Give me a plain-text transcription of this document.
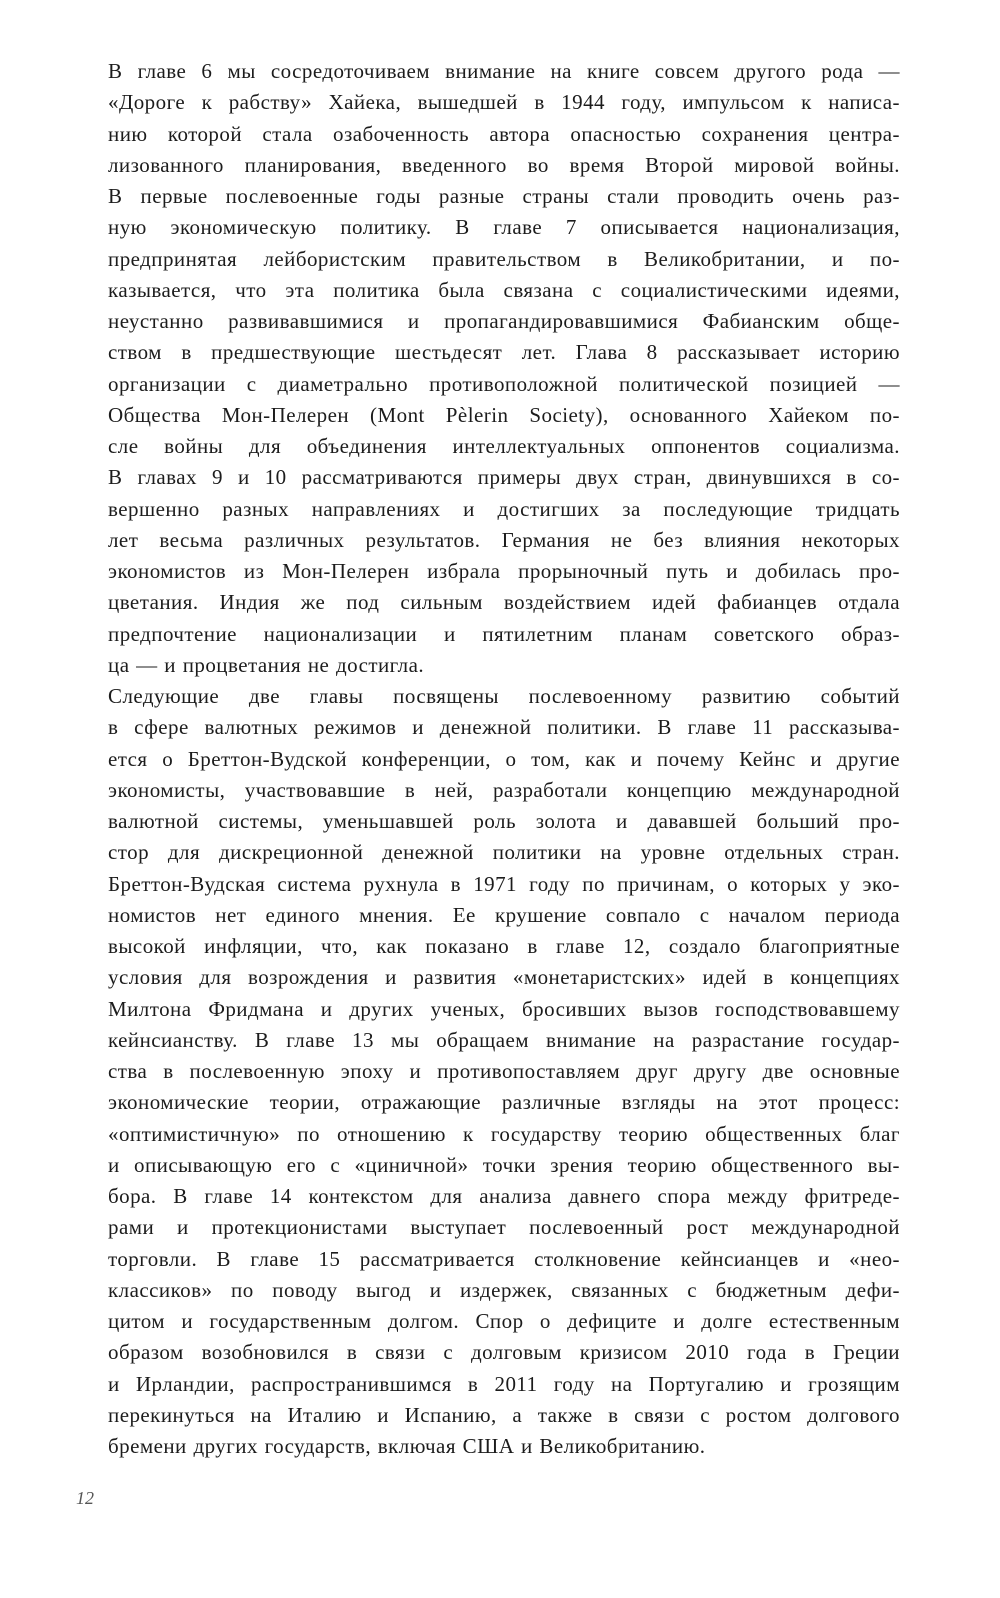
В главе 6 мы сосредоточиваем внимание на книге совсем другого рода —
«Дороге к рабству» Хайека, вышедшей в 1944 году, импульсом к написа-
нию которой стала озабоченность автора опасностью сохранения центра-
лизованного планирования, введенного во время Второй мировой войны.
В первые послевоенные годы разные страны стали проводить очень раз-
ную экономическую политику. В главе 7 описывается национализация,
предпринятая лейбористским правительством в Великобритании, и по-
казывается, что эта политика была связана с социалистическими идеями,
неустанно развивавшимися и пропагандировавшимися Фабианским обще-
ством в предшествующие шестьдесят лет. Глава 8 рассказывает историю
организации с диаметрально противоположной политической позицией —
Общества Мон-Пелерен (Mont Pèlerin Society), основанного Хайеком по-
сле войны для объединения интеллектуальных оппонентов социализма.
В главах 9 и 10 рассматриваются примеры двух стран, двинувшихся в со-
вершенно разных направлениях и достигших за последующие тридцать
лет весьма различных результатов. Германия не без влияния некоторых
экономистов из Мон-Пелерен избрала прорыночный путь и добилась про-
цветания. Индия же под сильным воздействием идей фабианцев отдала
предпочтение национализации и пятилетним планам советского образ-
ца — и процветания не достигла.
Следующие две главы посвящены послевоенному развитию событий
в сфере валютных режимов и денежной политики. В главе 11 рассказыва-
ется о Бреттон-Вудской конференции, о том, как и почему Кейнс и другие
экономисты, участвовавшие в ней, разработали концепцию международной
валютной системы, уменьшавшей роль золота и дававшей больший про-
стор для дискреционной денежной политики на уровне отдельных стран.
Бреттон-Вудская система рухнула в 1971 году по причинам, о которых у эко-
номистов нет единого мнения. Ее крушение совпало с началом периода
высокой инфляции, что, как показано в главе 12, создало благоприятные
условия для возрождения и развития «монетаристских» идей в концепциях
Милтона Фридмана и других ученых, бросивших вызов господствовавшему
кейнсианству. В главе 13 мы обращаем внимание на разрастание государ-
ства в послевоенную эпоху и противопоставляем друг другу две основные
экономические теории, отражающие различные взгляды на этот процесс:
«оптимистичную» по отношению к государству теорию общественных благ
и описывающую его с «циничной» точки зрения теорию общественного вы-
бора. В главе 14 контекстом для анализа давнего спора между фритреде-
рами и протекционистами выступает послевоенный рост международной
торговли. В главе 15 рассматривается столкновение кейнсианцев и «нео-
классиков» по поводу выгод и издержек, связанных с бюджетным дефи-
цитом и государственным долгом. Спор о дефиците и долге естественным
образом возобновился в связи с долговым кризисом 2010 года в Греции
и Ирландии, распространившимся в 2011 году на Португалию и грозящим
перекинуться на Италию и Испанию, а также в связи с ростом долгового
бремени других государств, включая США и Великобританию.
12
